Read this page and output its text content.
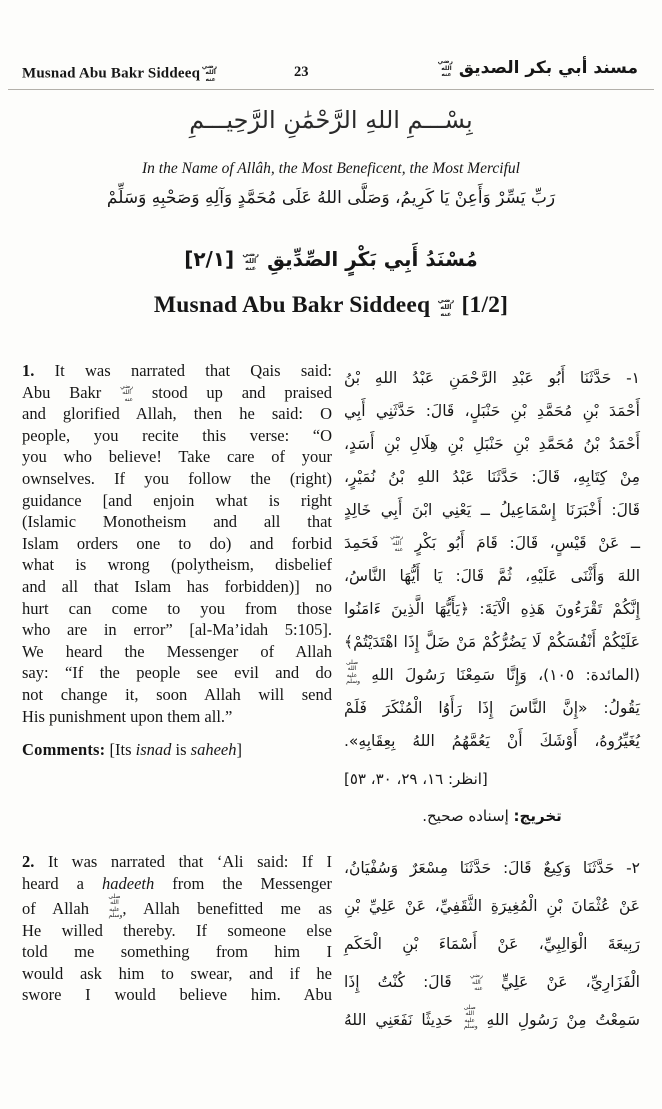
Musnad Abu Bakr Siddeeq رضي الله عنه	23	مسند أبي بكر الصديق رضي الله عنه
بِسْـــمِ اللهِ الرَّحْمَٰنِ الرَّحِيـــمِ
In the Name of Allâh, the Most Beneficent, the Most Merciful
رَبِّ يَسِّرْ وَأَعِنْ يَا كَرِيمُ، وَصَلَّى اللهُ عَلَى مُحَمَّدٍ وَآلِهِ وَصَحْبِهِ وَسَلِّمْ
مُسْنَدُ أَبِي بَكْرٍ الصِّدِّيقِ رضي الله عنه [٢/١]
Musnad Abu Bakr Siddeeq رضي الله عنه [1/2]
1. It was narrated that Qais said:
Abu Bakr رضي الله عنه stood up and praised
and glorified Allah, then he said: O
people, you recite this verse: “O
you who believe! Take care of your
ownselves. If you follow the (right)
guidance [and enjoin what is right
(Islamic Monotheism and all that
Islam orders one to do) and forbid
what is wrong (polytheism, disbelief
and all that Islam has forbidden)] no
hurt can come to you from those
who are in error” [al-Ma’idah 5:105].
We heard the Messenger of Allah
say: “If the people see evil and do
not change it, soon Allah will send
His punishment upon them all.”

Comments: [Its isnad is saheeh]

١- حَدَّثَنَا أَبُو عَبْدِ الرَّحْمَنِ عَبْدُ اللهِ بْنُ
أَحْمَدَ بْنِ مُحَمَّدِ بْنِ حَنْبَلٍ، قَالَ: حَدَّثَنِي أَبِي
أَحْمَدُ بْنُ مُحَمَّدِ بْنِ حَنْبَلِ بْنِ هِلَالِ بْنِ أَسَدٍ،
مِنْ كِتَابِهِ، قَالَ: حَدَّثَنَا عَبْدُ اللهِ بْنُ نُمَيْرٍ،
قَالَ: أَخْبَرَنَا إِسْمَاعِيلُ ــ يَعْنِي ابْنَ أَبِي خَالِدٍ
ــ عَنْ قَيْسٍ، قَالَ: قَامَ أَبُو بَكْرٍ رضي الله عنه فَحَمِدَ
اللهَ وَأَثْنَى عَلَيْهِ، ثُمَّ قَالَ: يَا أَيُّهَا النَّاسُ،
إِنَّكُمْ تَقْرَءُونَ هَذِهِ الْآيَةَ: ﴿يَأَيُّهَا الَّذِينَ ءَامَنُوا
عَلَيْكُمْ أَنْفُسَكُمْ لَا يَضُرُّكُمْ مَنْ ضَلَّ إِذَا اهْتَدَيْتُمْ﴾
(المائدة: ١٠٥)، وَإِنَّا سَمِعْنَا رَسُولَ اللهِ صلى الله عليه وسلم
يَقُولُ: «إِنَّ النَّاسَ إِذَا رَأَوُا الْمُنْكَرَ فَلَمْ
يُغَيِّرُوهُ، أَوْشَكَ أَنْ يَعُمَّهُمُ اللهُ بِعِقَابِهِ».
[انظر: ١٦، ٢٩، ٣٠، ٥٣]
تخريج: إسناده صحيح.
2. It was narrated that ‘Ali said: If I
heard a hadeeth from the Messenger
of Allah صلى الله عليه وسلم, Allah benefitted me as
He willed thereby. If someone else
told me something from him I
would ask him to swear, and if he
swore I would believe him. Abu
٢- حَدَّثَنَا وَكِيعٌ قَالَ: حَدَّثَنَا مِسْعَرٌ وَسُفْيَانُ،
عَنْ عُثْمَانَ بْنِ الْمُغِيرَةِ الثَّقَفِيِّ، عَنْ عَلِيِّ بْنِ
رَبِيعَةَ الْوَالِبِيِّ، عَنْ أَسْمَاءَ بْنِ الْحَكَمِ
الْفَزَارِيِّ، عَنْ عَلِيٍّ رضي الله عنه قَالَ: كُنْتُ إِذَا
سَمِعْتُ مِنْ رَسُولِ اللهِ صلى الله عليه وسلم حَدِيثًا نَفَعَنِي اللهُ
